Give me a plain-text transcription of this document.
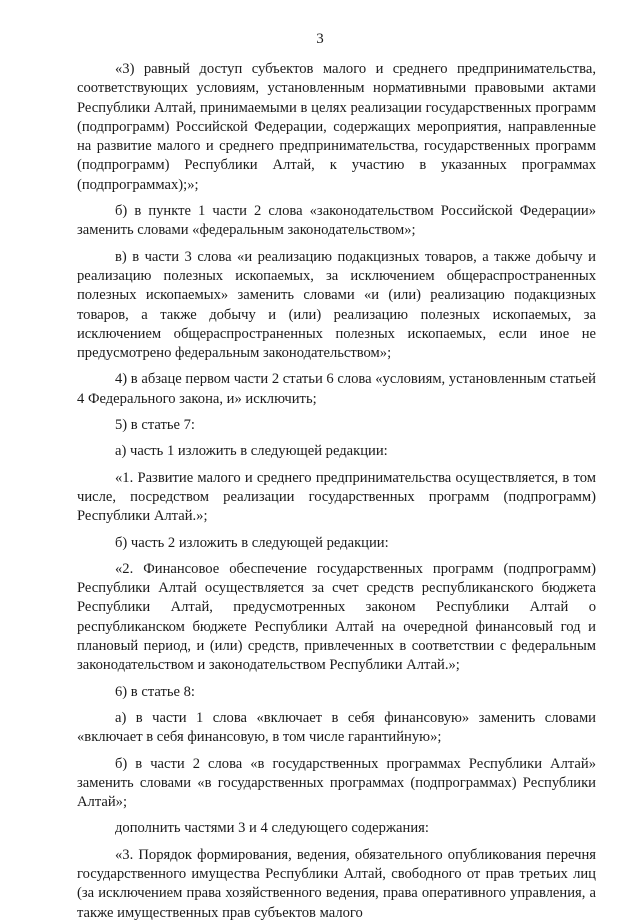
3

«3) равный доступ субъектов малого и среднего предпринимательства, соответствующих условиям, установленным нормативными правовыми актами Республики Алтай, принимаемыми в целях реализации государственных программ (подпрограмм) Российской Федерации, содержащих мероприятия, направленные на развитие малого и среднего предпринимательства, государственных программ (подпрограмм) Республики Алтай, к участию в указанных программах (подпрограммах);»;

б) в пункте 1 части 2 слова «законодательством Российской Федерации» заменить словами «федеральным законодательством»;

в) в части 3 слова «и реализацию подакцизных товаров, а также добычу и реализацию полезных ископаемых, за исключением общераспространенных полезных ископаемых» заменить словами «и (или) реализацию подакцизных товаров, а также добычу и (или) реализацию полезных ископаемых, за исключением общераспространенных полезных ископаемых, если иное не предусмотрено федеральным законодательством»;

4) в абзаце первом части 2 статьи 6 слова «условиям, установленным статьей 4 Федерального закона, и» исключить;

5) в статье 7:

а) часть 1 изложить в следующей редакции:

«1. Развитие малого и среднего предпринимательства осуществляется, в том числе, посредством реализации государственных программ (подпрограмм) Республики Алтай.»;

б) часть 2 изложить в следующей редакции:

«2. Финансовое обеспечение государственных программ (подпрограмм) Республики Алтай осуществляется за счет средств республиканского бюджета Республики Алтай, предусмотренных законом Республики Алтай о республиканском бюджете Республики Алтай на очередной финансовый год и плановый период, и (или) средств, привлеченных в соответствии с федеральным законодательством и законодательством Республики Алтай.»;

6) в статье 8:

а) в части 1 слова «включает в себя финансовую» заменить словами «включает в себя финансовую, в том числе гарантийную»;

б) в части 2 слова «в государственных программах Республики Алтай» заменить словами «в государственных программах (подпрограммах) Республики Алтай»;

дополнить частями 3 и 4 следующего содержания:

«3. Порядок формирования, ведения, обязательного опубликования перечня государственного имущества Республики Алтай, свободного от прав третьих лиц (за исключением права хозяйственного ведения, права оперативного управления, а также имущественных прав субъектов малого
